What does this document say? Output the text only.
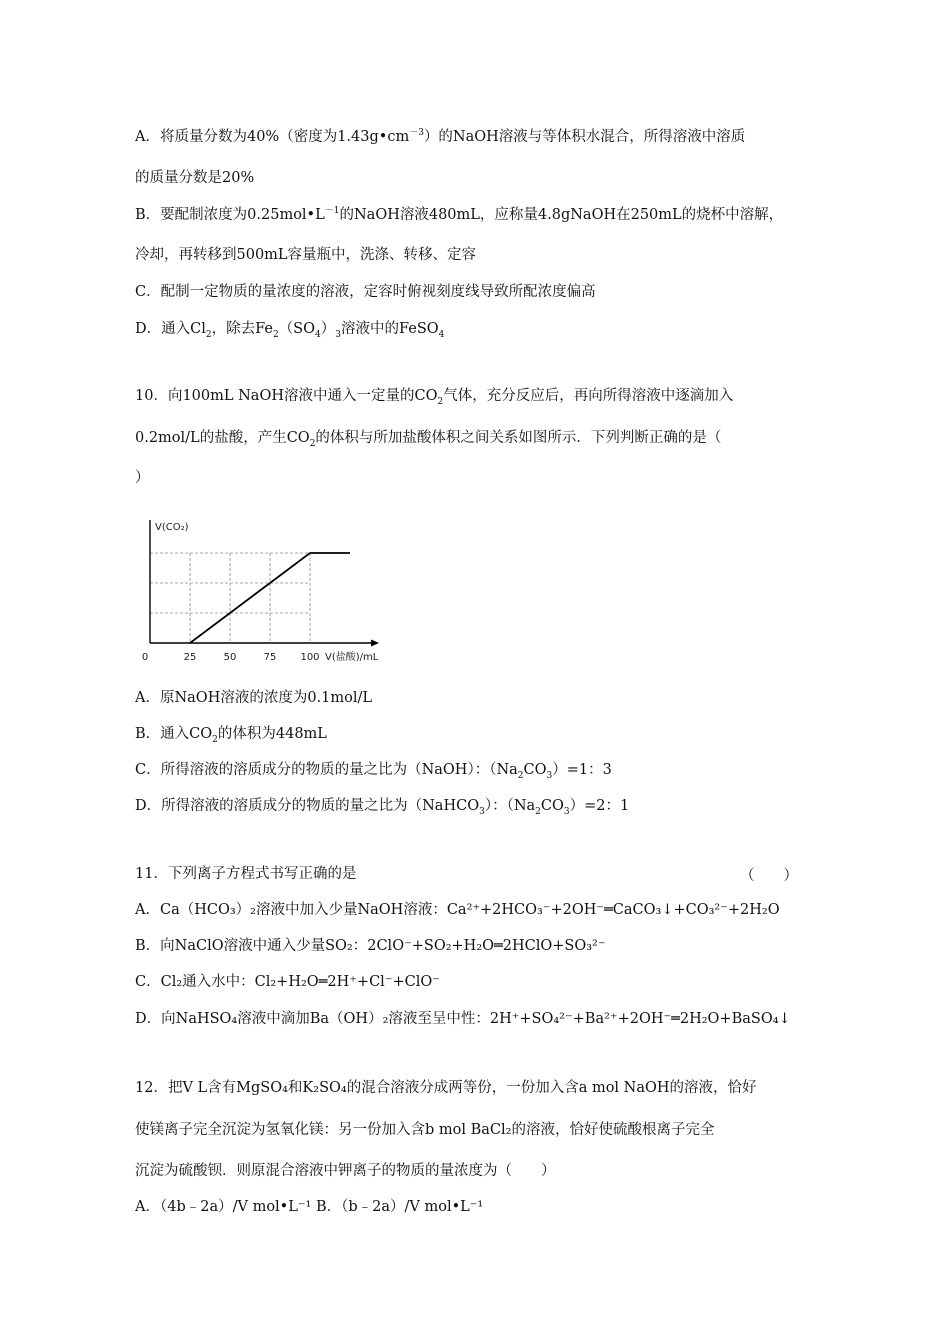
A．将质量分数为40%（密度为$1.43g•cm^{-3}$）的NaOH溶液与等体积水混合，所得溶液中溶质
的质量分数是20%
B．要配制浓度为$0.25mol•L^{-1}$的NaOH溶液480mL，应称量4.8gNaOH在250mL的烧杯中溶解，
冷却，再转移到500mL容量瓶中，洗涤、转移、定容
C．配制一定物质的量浓度的溶液，定容时俯视刻度线导致所配浓度偏高
D．通入$Cl_2$，除去$Fe_2(SO_4)_3$溶液中的FeSO$_4$
10．向100mL NaOH溶液中通入一定量的$CO_2$气体，充分反应后，再向所得溶液中逐滴加入
0.2mol/L的盐酸，产生$CO_2$的体积与所加盐酸体积之间关系如图所示．下列判断正确的是（
）
0	25	50	75 100
V(CO₂)
V(盐酸)/mL
A．原NaOH溶液的浓度为0.1mol/L
B．通入$CO_2$的体积为448mL
C．所得溶液的溶质成分的物质的量之比为（NaOH）：$(Na_2CO_3)=1$：3
D．所得溶液的溶质成分的物质的量之比为（NaHCO$_3$）：$(Na_2CO_3)=2$：1
11．下列离子方程式书写正确的是	（　　）
A．Ca（HCO₃）₂溶液中加入少量NaOH溶液：Ca²⁺+2HCO₃⁻+2OH⁻═CaCO₃↓+CO₃²⁻+2H₂O
B．向NaClO溶液中通入少量SO₂：2ClO⁻+SO₂+H₂O═2HClO+SO₃²⁻
C．Cl₂通入水中：Cl₂+H₂O═2H⁺+Cl⁻+ClO⁻
D．向NaHSO₄溶液中滴加Ba（OH）₂溶液至呈中性：2H⁺+SO₄²⁻+Ba²⁺+2OH⁻═2H₂O+BaSO₄↓
12．把V L含有MgSO₄和K₂SO₄的混合溶液分成两等份，一份加入含a mol NaOH的溶液，恰好
使镁离子完全沉淀为氢氧化镁：另一份加入含b mol BaCl₂的溶液，恰好使硫酸根离子完全
沉淀为硫酸钡．则原混合溶液中钾离子的物质的量浓度为（　　）
A．（4b﹣2a）/V mol•L⁻¹ B．（b﹣2a）/V mol•L⁻¹
